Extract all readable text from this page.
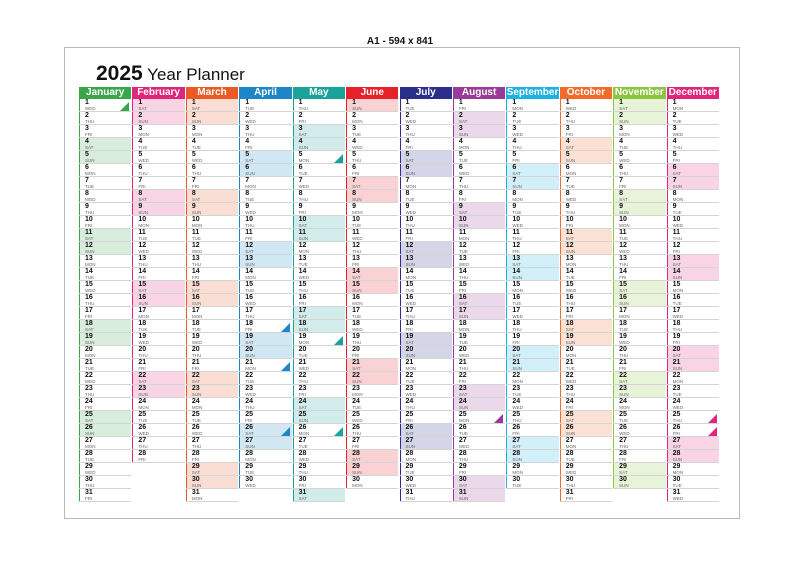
A1 - 594 x 841
2025 Year Planner
January
1
WED
2
THU
3
FRI
4
SAT
5
SUN
6
MON
7
TUE
8
WED
9
THU
10
FRI
11
SAT
12
SUN
13
MON
14
TUE
15
WED
16
THU
17
FRI
18
SAT
19
SUN
20
MON
21
TUE
22
WED
23
THU
24
FRI
25
SAT
26
SUN
27
MON
28
TUE
29
WED
30
THU
31
FRI
February
1
SAT
2
SUN
3
MON
4
TUE
5
WED
6
THU
7
FRI
8
SAT
9
SUN
10
MON
11
TUE
12
WED
13
THU
14
FRI
15
SAT
16
SUN
17
MON
18
TUE
19
WED
20
THU
21
FRI
22
SAT
23
SUN
24
MON
25
TUE
26
WED
27
THU
28
FRI
March
1
SAT
2
SUN
3
MON
4
TUE
5
WED
6
THU
7
FRI
8
SAT
9
SUN
10
MON
11
TUE
12
WED
13
THU
14
FRI
15
SAT
16
SUN
17
MON
18
TUE
19
WED
20
THU
21
FRI
22
SAT
23
SUN
24
MON
25
TUE
26
WED
27
THU
28
FRI
29
SAT
30
SUN
31
MON
April
1
TUE
2
WED
3
THU
4
FRI
5
SAT
6
SUN
7
MON
8
TUE
9
WED
10
THU
11
FRI
12
SAT
13
SUN
14
MON
15
TUE
16
WED
17
THU
18
FRI
19
SAT
20
SUN
21
MON
22
TUE
23
WED
24
THU
25
FRI
26
SAT
27
SUN
28
MON
29
TUE
30
WED
May
1
THU
2
FRI
3
SAT
4
SUN
5
MON
6
TUE
7
WED
8
THU
9
FRI
10
SAT
11
SUN
12
MON
13
TUE
14
WED
15
THU
16
FRI
17
SAT
18
SUN
19
MON
20
TUE
21
WED
22
THU
23
FRI
24
SAT
25
SUN
26
MON
27
TUE
28
WED
29
THU
30
FRI
31
SAT
June
1
SUN
2
MON
3
TUE
4
WED
5
THU
6
FRI
7
SAT
8
SUN
9
MON
10
TUE
11
WED
12
THU
13
FRI
14
SAT
15
SUN
16
MON
17
TUE
18
WED
19
THU
20
FRI
21
SAT
22
SUN
23
MON
24
TUE
25
WED
26
THU
27
FRI
28
SAT
29
SUN
30
MON
July
1
TUE
2
WED
3
THU
4
FRI
5
SAT
6
SUN
7
MON
8
TUE
9
WED
10
THU
11
FRI
12
SAT
13
SUN
14
MON
15
TUE
16
WED
17
THU
18
FRI
19
SAT
20
SUN
21
MON
22
TUE
23
WED
24
THU
25
FRI
26
SAT
27
SUN
28
MON
29
TUE
30
WED
31
THU
August
1
FRI
2
SAT
3
SUN
4
MON
5
TUE
6
WED
7
THU
8
FRI
9
SAT
10
SUN
11
MON
12
TUE
13
WED
14
THU
15
FRI
16
SAT
17
SUN
18
MON
19
TUE
20
WED
21
THU
22
FRI
23
SAT
24
SUN
25
MON
26
TUE
27
WED
28
THU
29
FRI
30
SAT
31
SUN
September
1
MON
2
TUE
3
WED
4
THU
5
FRI
6
SAT
7
SUN
8
MON
9
TUE
10
WED
11
THU
12
FRI
13
SAT
14
SUN
15
MON
16
TUE
17
WED
18
THU
19
FRI
20
SAT
21
SUN
22
MON
23
TUE
24
WED
25
THU
26
FRI
27
SAT
28
SUN
29
MON
30
TUE
October
1
WED
2
THU
3
FRI
4
SAT
5
SUN
6
MON
7
TUE
8
WED
9
THU
10
FRI
11
SAT
12
SUN
13
MON
14
TUE
15
WED
16
THU
17
FRI
18
SAT
19
SUN
20
MON
21
TUE
22
WED
23
THU
24
FRI
25
SAT
26
SUN
27
MON
28
TUE
29
WED
30
THU
31
FRI
November
1
SAT
2
SUN
3
MON
4
TUE
5
WED
6
THU
7
FRI
8
SAT
9
SUN
10
MON
11
TUE
12
WED
13
THU
14
FRI
15
SAT
16
SUN
17
MON
18
TUE
19
WED
20
THU
21
FRI
22
SAT
23
SUN
24
MON
25
TUE
26
WED
27
THU
28
FRI
29
SAT
30
SUN
December
1
MON
2
TUE
3
WED
4
THU
5
FRI
6
SAT
7
SUN
8
MON
9
TUE
10
WED
11
THU
12
FRI
13
SAT
14
SUN
15
MON
16
TUE
17
WED
18
THU
19
FRI
20
SAT
21
SUN
22
MON
23
TUE
24
WED
25
THU
26
FRI
27
SAT
28
SUN
29
MON
30
TUE
31
WED
